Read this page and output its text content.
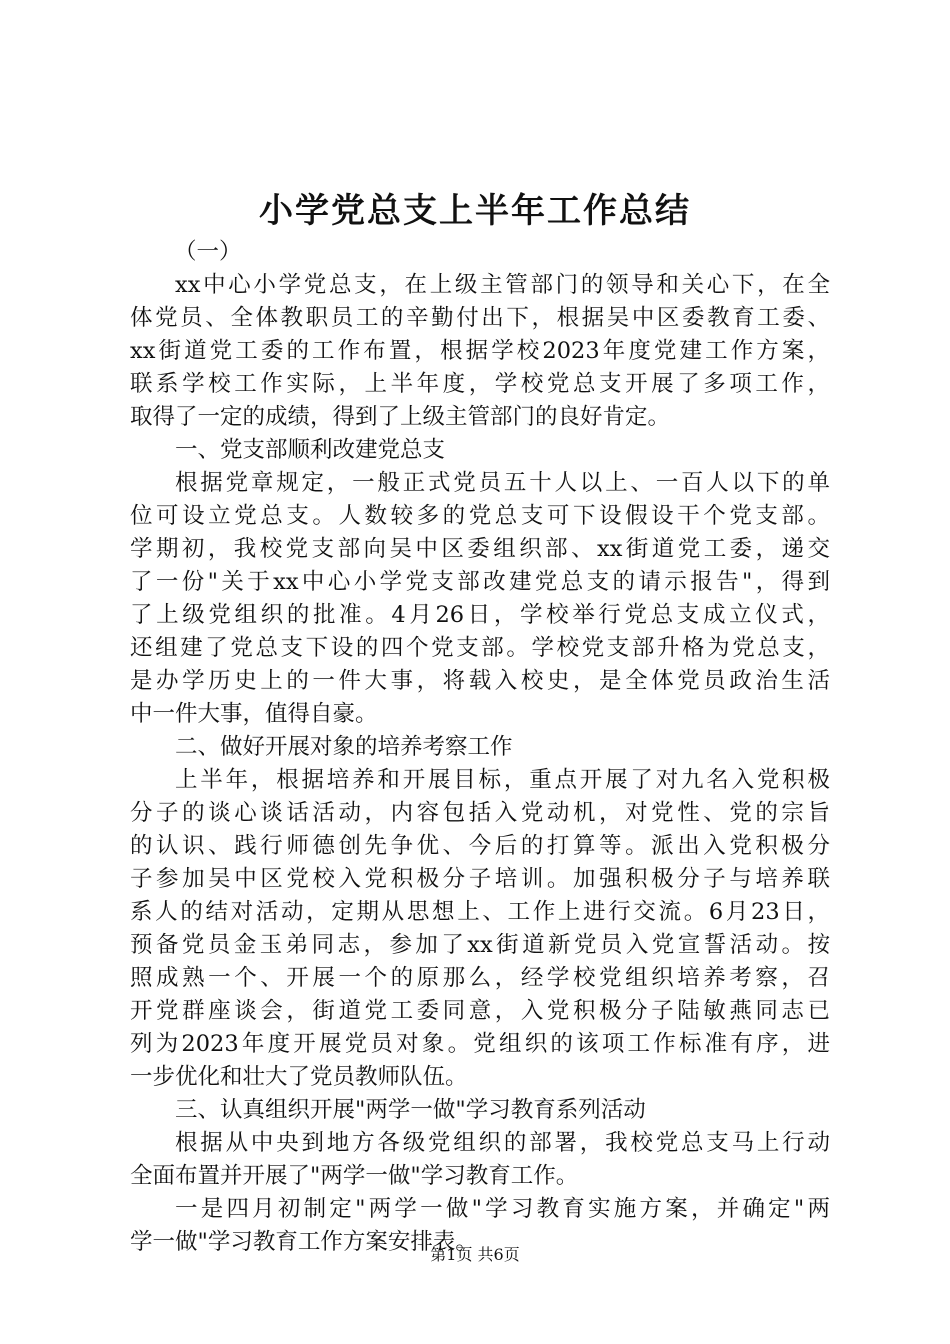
小学党总支上半年工作总结
（一）
xx中心小学党总支，在上级主管部门的领导和关心下，在全
体党员、全体教职员工的辛勤付出下，根据吴中区委教育工委、
xx街道党工委的工作布置，根据学校2023年度党建工作方案，
联系学校工作实际，上半年度，学校党总支开展了多项工作，
取得了一定的成绩，得到了上级主管部门的良好肯定。
一、党支部顺利改建党总支
根据党章规定，一般正式党员五十人以上、一百人以下的单
位可设立党总支。人数较多的党总支可下设假设干个党支部。
学期初，我校党支部向吴中区委组织部、xx街道党工委，递交
了一份"关于xx中心小学党支部改建党总支的请示报告"，得到
了上级党组织的批准。4月26日，学校举行党总支成立仪式，
还组建了党总支下设的四个党支部。学校党支部升格为党总支，
是办学历史上的一件大事，将载入校史，是全体党员政治生活
中一件大事，值得自豪。
二、做好开展对象的培养考察工作
上半年，根据培养和开展目标，重点开展了对九名入党积极
分子的谈心谈话活动，内容包括入党动机，对党性、党的宗旨
的认识、践行师德创先争优、今后的打算等。派出入党积极分
子参加吴中区党校入党积极分子培训。加强积极分子与培养联
系人的结对活动，定期从思想上、工作上进行交流。6月23日，
预备党员金玉弟同志，参加了xx街道新党员入党宣誓活动。按
照成熟一个、开展一个的原那么，经学校党组织培养考察，召
开党群座谈会，街道党工委同意，入党积极分子陆敏燕同志已
列为2023年度开展党员对象。党组织的该项工作标准有序，进
一步优化和壮大了党员教师队伍。
三、认真组织开展"两学一做"学习教育系列活动
根据从中央到地方各级党组织的部署，我校党总支马上行动
全面布置并开展了"两学一做"学习教育工作。
一是四月初制定"两学一做"学习教育实施方案，并确定"两
学一做"学习教育工作方案安排表。
第1页 共6页
